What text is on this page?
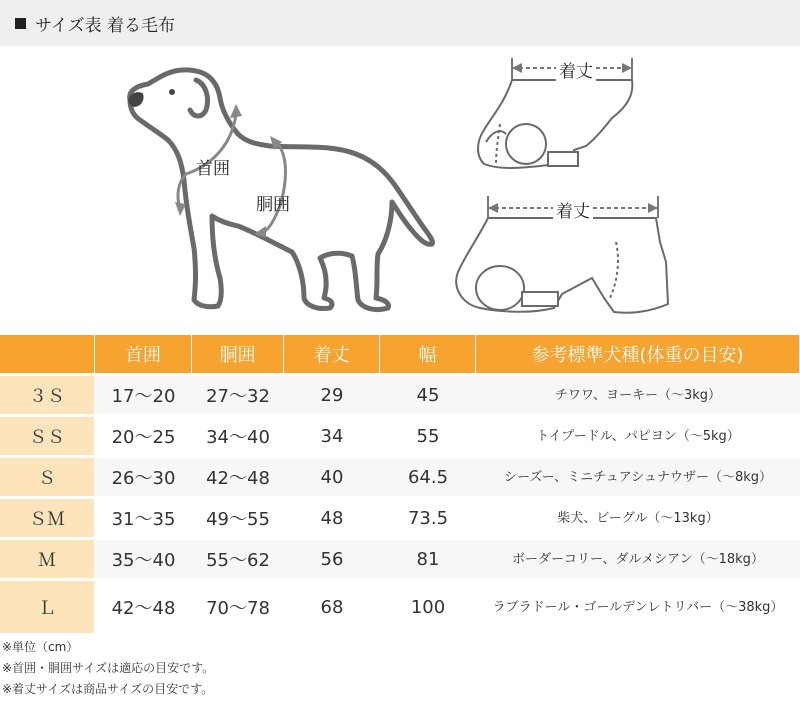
サイズ表 着る毛布
首囲
胴囲
着丈
着丈
	首囲	胴囲	着丈	幅	参考標準犬種(体重の目安)
３Ｓ	17〜20	27〜32	29	45	チワワ、ヨーキー（〜3kg）
ＳＳ	20〜25	34〜40	34	55	トイプードル、パピヨン（〜5kg）
Ｓ	26〜30	42〜48	40	64.5	シーズー、ミニチュアシュナウザー（〜8kg）
ＳＭ	31〜35	49〜55	48	73.5	柴犬、ビーグル（〜13kg）
Ｍ	35〜40	55〜62	56	81	ボーダーコリー、ダルメシアン（〜18kg）
Ｌ	42〜48	70〜78	68	100	ラブラドール・ゴールデンレトリバー（〜38kg）
※単位（cm）
※首囲・胴囲サイズは適応の目安です。
※着丈サイズは商品サイズの目安です。
